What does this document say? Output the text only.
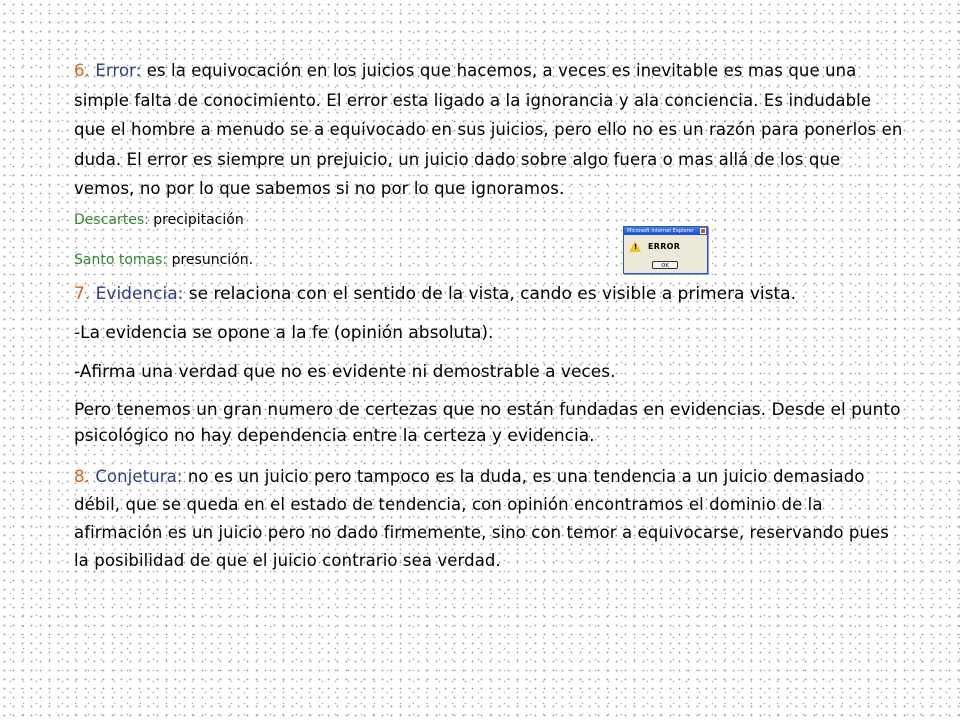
6. Error: es la equivocación en los juicios que hacemos, a veces es inevitable es mas que una simple falta de conocimiento. El error esta ligado a la ignorancia y ala conciencia. Es indudable que el hombre a menudo se a equivocado en sus juicios, pero ello no es un razón para ponerlos en duda. El error es siempre un prejuicio, un juicio dado sobre algo fuera o mas allá de los que vemos, no por lo que sabemos si no por lo que ignoramos.

Descartes: precipitación

Santo tomas: presunción.

7. Evidencia: se relaciona con el sentido de la vista, cando es visible a primera vista.

-La evidencia se opone a la fe (opinión absoluta).

-Afirma una verdad que no es evidente ni demostrable a veces.

Pero tenemos un gran numero de certezas que no están fundadas en evidencias. Desde el punto psicológico no hay dependencia entre la certeza y evidencia.

8. Conjetura: no es un juicio pero tampoco es la duda, es una tendencia a un juicio demasiado débil, que se queda en el estado de tendencia, con opinión encontramos el dominio de la afirmación es un juicio pero no dado firmemente, sino con temor a equivocarse, reservando pues la posibilidad de que el juicio contrario sea verdad.

Microsoft Internet Explorer
! ERROR
OK
